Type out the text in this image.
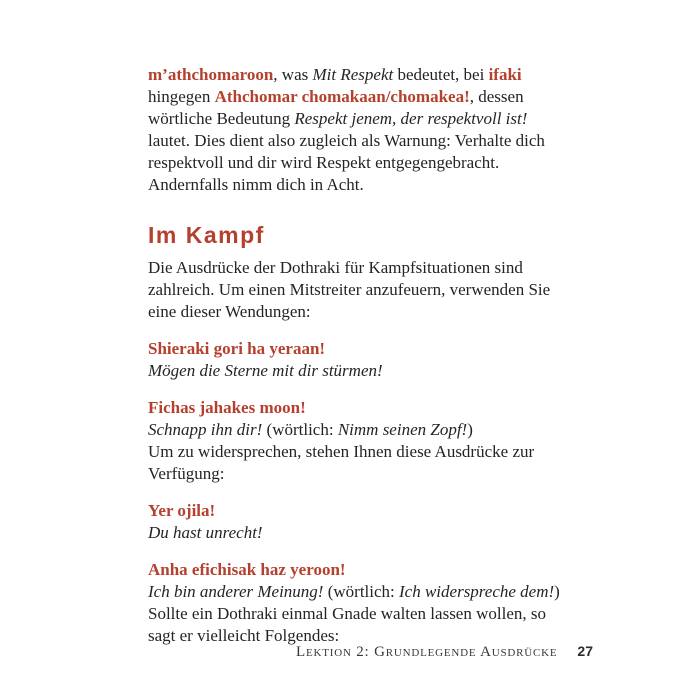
m’athchomaroon, was Mit Respekt bedeutet, bei ifaki hingegen Athchomar chomakaan/chomakea!, dessen wörtliche Bedeutung Respekt jenem, der respektvoll ist! lautet. Dies dient also zugleich als Warnung: Verhalte dich respektvoll und dir wird Respekt entgegengebracht. Andernfalls nimm dich in Acht.

Im Kampf

Die Ausdrücke der Dothraki für Kampfsituationen sind zahlreich. Um einen Mitstreiter anzufeuern, verwenden Sie eine dieser Wendungen:

Shieraki gori ha yeraan!

Mögen die Sterne mit dir stürmen!

Fichas jahakes moon!

Schnapp ihn dir! (wörtlich: Nimm seinen Zopf!)

Um zu widersprechen, stehen Ihnen diese Ausdrücke zur Verfügung:

Yer ojila!

Du hast unrecht!

Anha efichisak haz yeroon!

Ich bin anderer Meinung! (wörtlich: Ich widerspreche dem!)

Sollte ein Dothraki einmal Gnade walten lassen wollen, so sagt er vielleicht Folgendes:

Lektion 2: Grundlegende Ausdrücke 27
